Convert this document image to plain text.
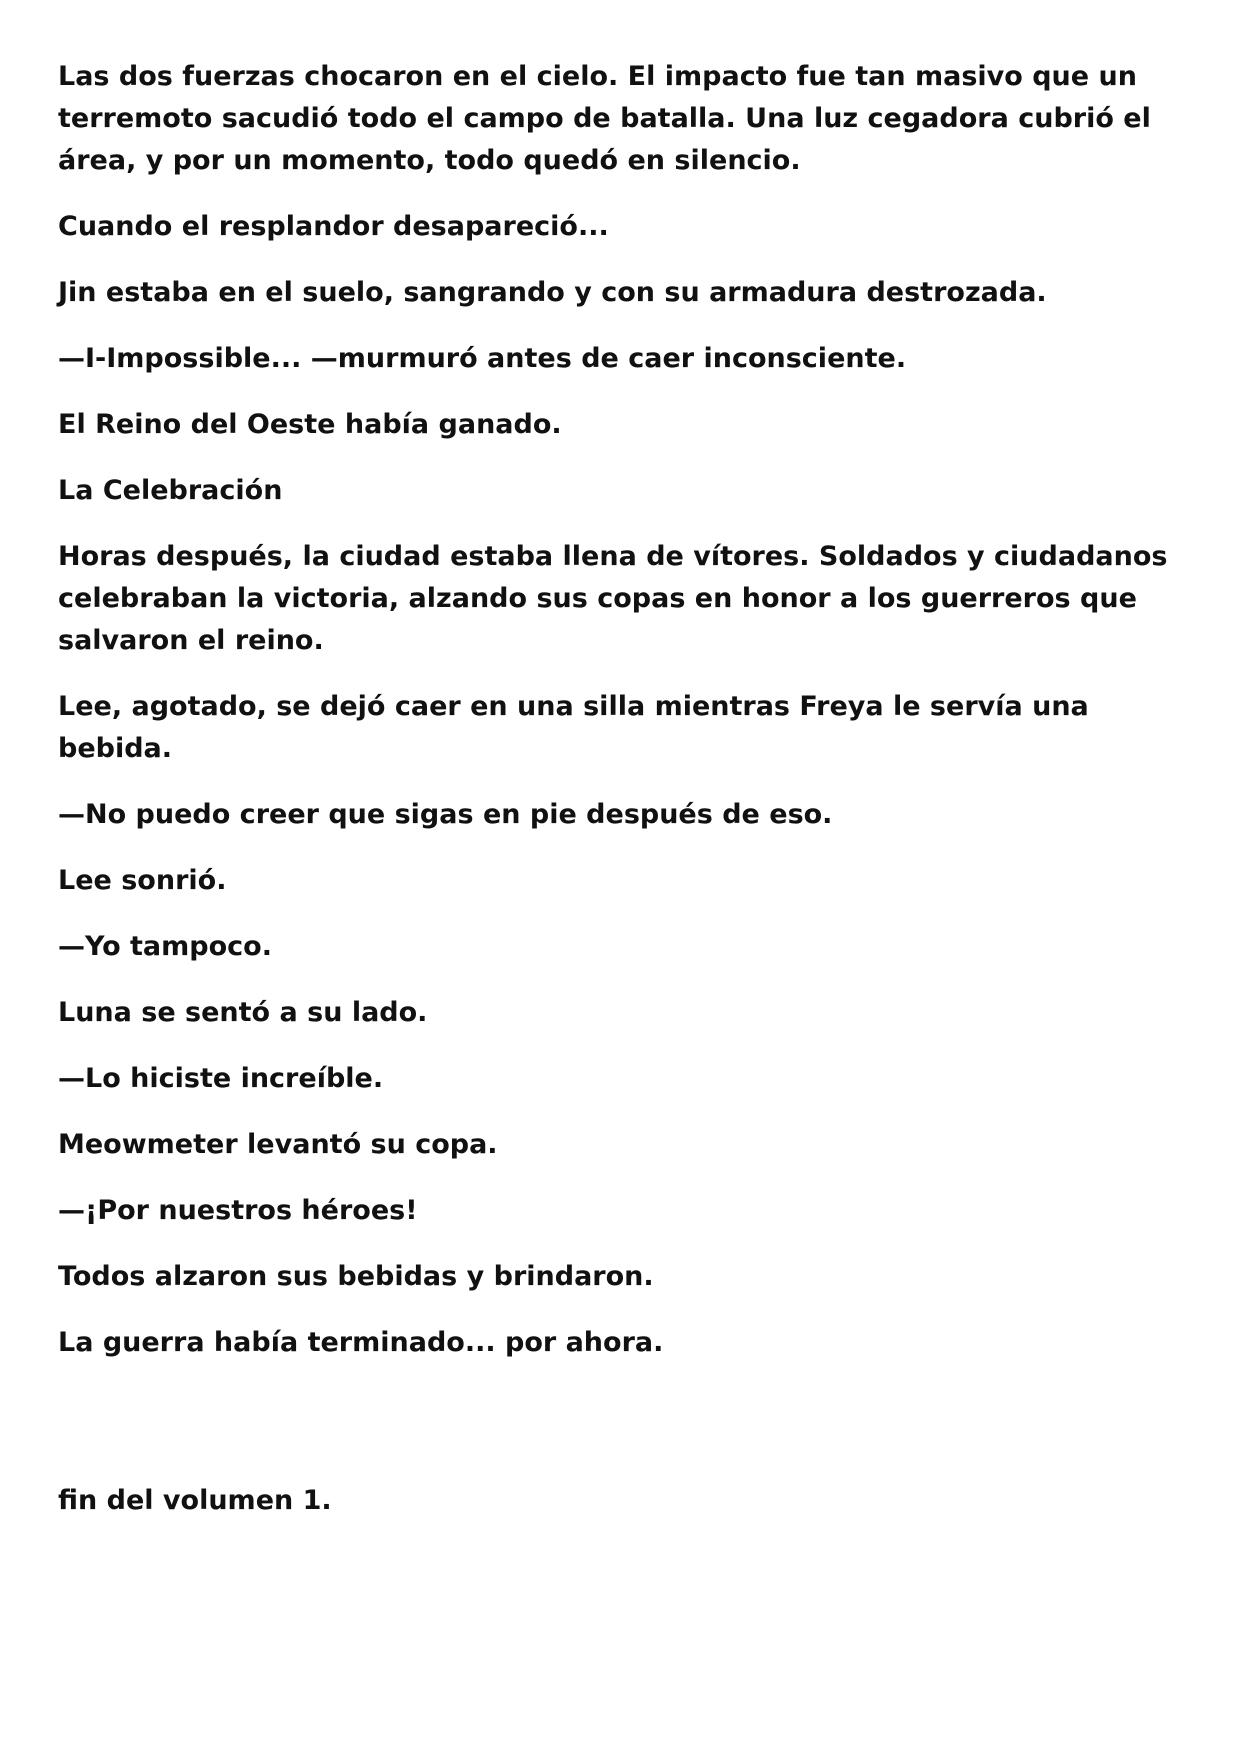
Las dos fuerzas chocaron en el cielo. El impacto fue tan masivo que un terremoto sacudió todo el campo de batalla. Una luz cegadora cubrió el área, y por un momento, todo quedó en silencio.

Cuando el resplandor desapareció...

Jin estaba en el suelo, sangrando y con su armadura destrozada.

—I-Impossible... —murmuró antes de caer inconsciente.

El Reino del Oeste había ganado.

La Celebración

Horas después, la ciudad estaba llena de vítores. Soldados y ciudadanos celebraban la victoria, alzando sus copas en honor a los guerreros que salvaron el reino.

Lee, agotado, se dejó caer en una silla mientras Freya le servía una bebida.

—No puedo creer que sigas en pie después de eso.

Lee sonrió.

—Yo tampoco.

Luna se sentó a su lado.

—Lo hiciste increíble.

Meowmeter levantó su copa.

—¡Por nuestros héroes!

Todos alzaron sus bebidas y brindaron.

La guerra había terminado... por ahora.

fin del volumen 1.
